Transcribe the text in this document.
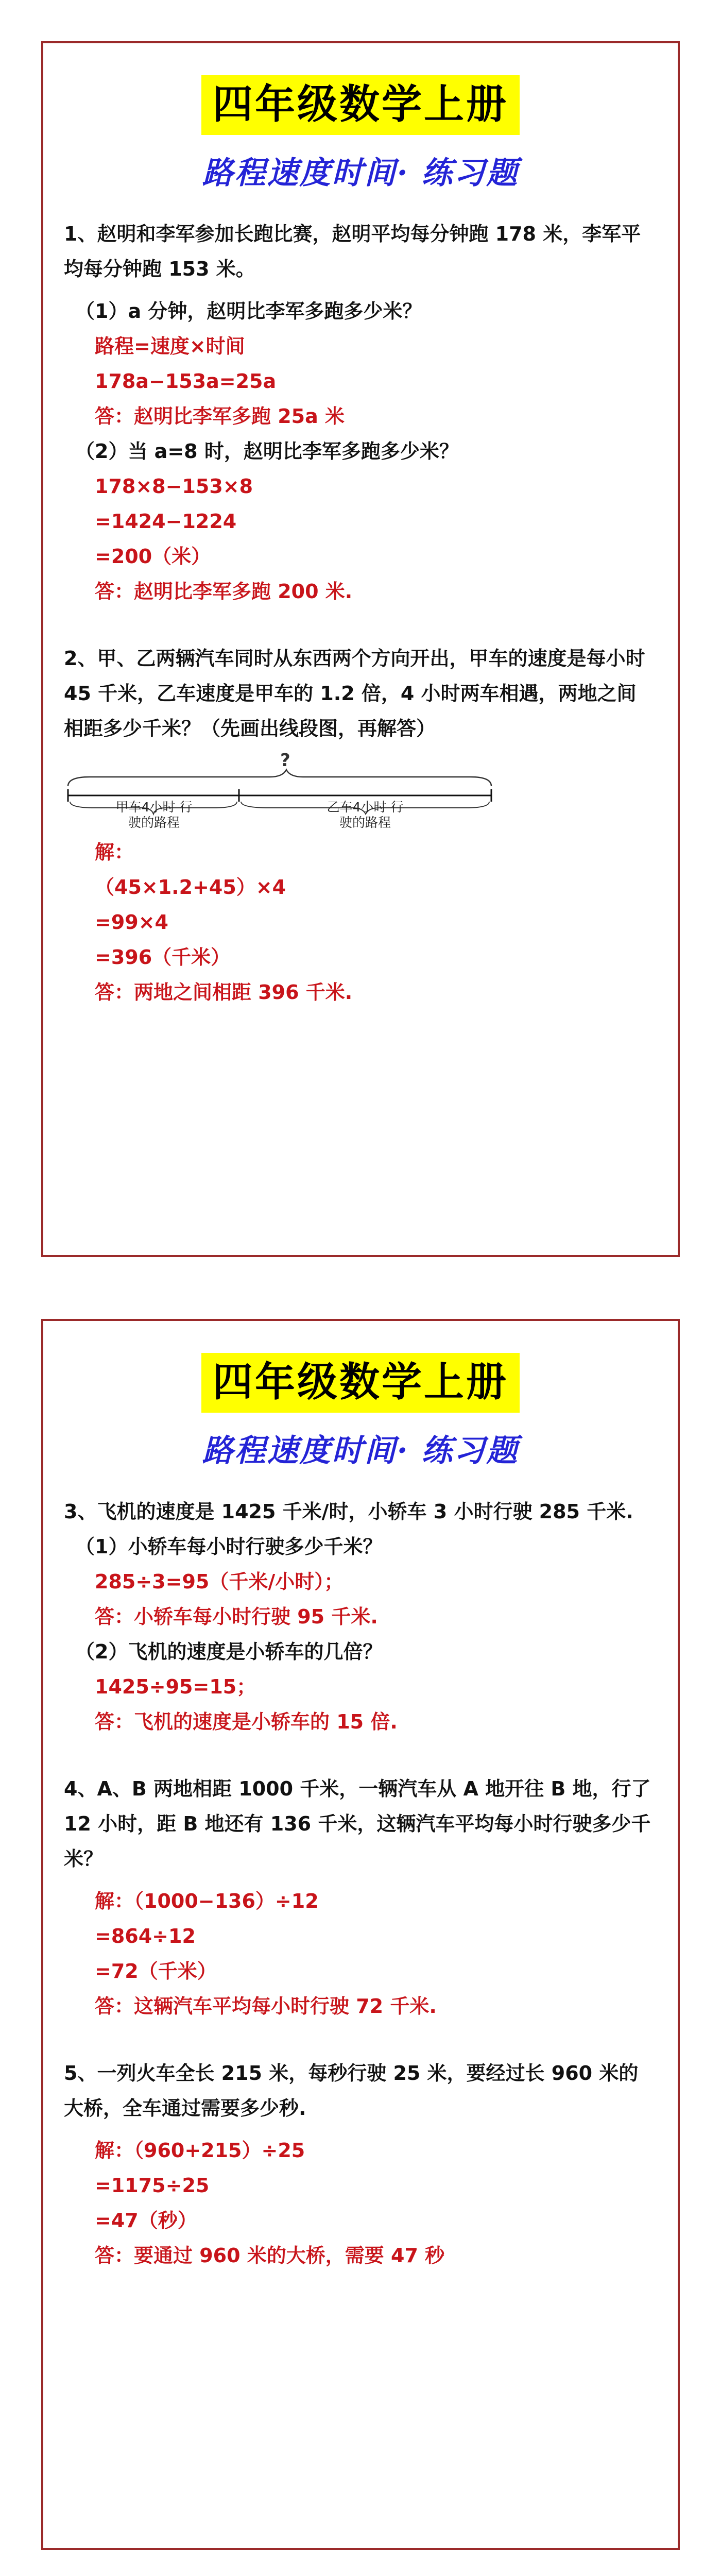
四年级数学上册
路程速度时间· 练习题

1、赵明和李军参加长跑比赛，赵明平均每分钟跑 178 米，李军平均每分钟跑 153 米。

（1）a 分钟，赵明比李军多跑多少米？

路程=速度×时间

178a−153a=25a

答：赵明比李军多跑 25a 米

（2）当 a=8 时，赵明比李军多跑多少米？

178×8−153×8

=1424−1224

=200（米）

答：赵明比李军多跑 200 米.

2、甲、乙两辆汽车同时从东西两个方向开出，甲车的速度是每小时 45 千米，乙车速度是甲车的 1.2 倍，4 小时两车相遇，两地之间相距多少千米？（先画出线段图，再解答）

?
甲车4小时 行驶的路程
乙车4小时 行驶的路程

解：

（45×1.2+45）×4

=99×4

=396（千米）

答：两地之间相距 396 千米.

四年级数学上册
路程速度时间· 练习题

3、飞机的速度是 1425 千米/时，小轿车 3 小时行驶 285 千米.

（1）小轿车每小时行驶多少千米？

285÷3=95（千米/小时）；

答：小轿车每小时行驶 95 千米.

（2）飞机的速度是小轿车的几倍？

1425÷95=15；

答：飞机的速度是小轿车的 15 倍.

4、A、B 两地相距 1000 千米，一辆汽车从 A 地开往 B 地，行了 12 小时，距 B 地还有 136 千米，这辆汽车平均每小时行驶多少千米？

解：（1000−136）÷12

=864÷12

=72（千米）

答：这辆汽车平均每小时行驶 72 千米.

5、一列火车全长 215 米，每秒行驶 25 米，要经过长 960 米的大桥，全车通过需要多少秒.

解：（960+215）÷25

=1175÷25

=47（秒）

答：要通过 960 米的大桥，需要 47 秒
